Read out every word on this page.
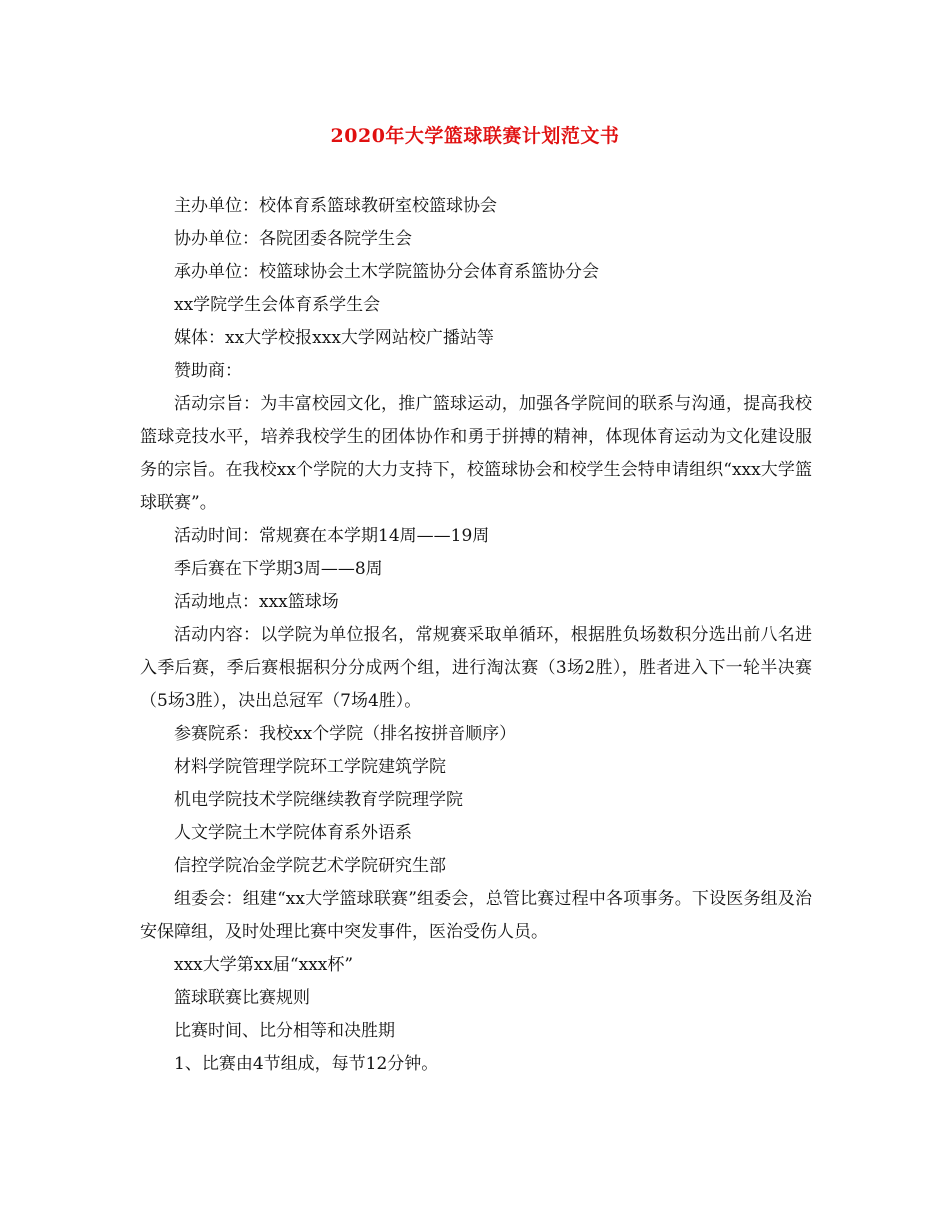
2020年大学篮球联赛计划范文书

主办单位：校体育系篮球教研室校篮球协会

协办单位：各院团委各院学生会

承办单位：校篮球协会土木学院篮协分会体育系篮协分会

xx学院学生会体育系学生会

媒体：xx大学校报xxx大学网站校广播站等

赞助商：

活动宗旨：为丰富校园文化，推广篮球运动，加强各学院间的联系与沟通，提高我校篮球竞技水平，培养我校学生的团体协作和勇于拼搏的精神，体现体育运动为文化建设服务的宗旨。在我校xx个学院的大力支持下，校篮球协会和校学生会特申请组织“xxx大学篮球联赛”。

活动时间：常规赛在本学期14周——19周

季后赛在下学期3周——8周

活动地点：xxx篮球场

活动内容：以学院为单位报名，常规赛采取单循环，根据胜负场数积分选出前八名进入季后赛，季后赛根据积分分成两个组，进行淘汰赛（3场2胜），胜者进入下一轮半决赛（5场3胜），决出总冠军（7场4胜）。

参赛院系：我校xx个学院（排名按拼音顺序）

材料学院管理学院环工学院建筑学院

机电学院技术学院继续教育学院理学院

人文学院土木学院体育系外语系

信控学院冶金学院艺术学院研究生部

组委会：组建“xx大学篮球联赛”组委会，总管比赛过程中各项事务。下设医务组及治安保障组，及时处理比赛中突发事件，医治受伤人员。

xxx大学第xx届“xxx杯”

篮球联赛比赛规则

比赛时间、比分相等和决胜期

1、比赛由4节组成，每节12分钟。
